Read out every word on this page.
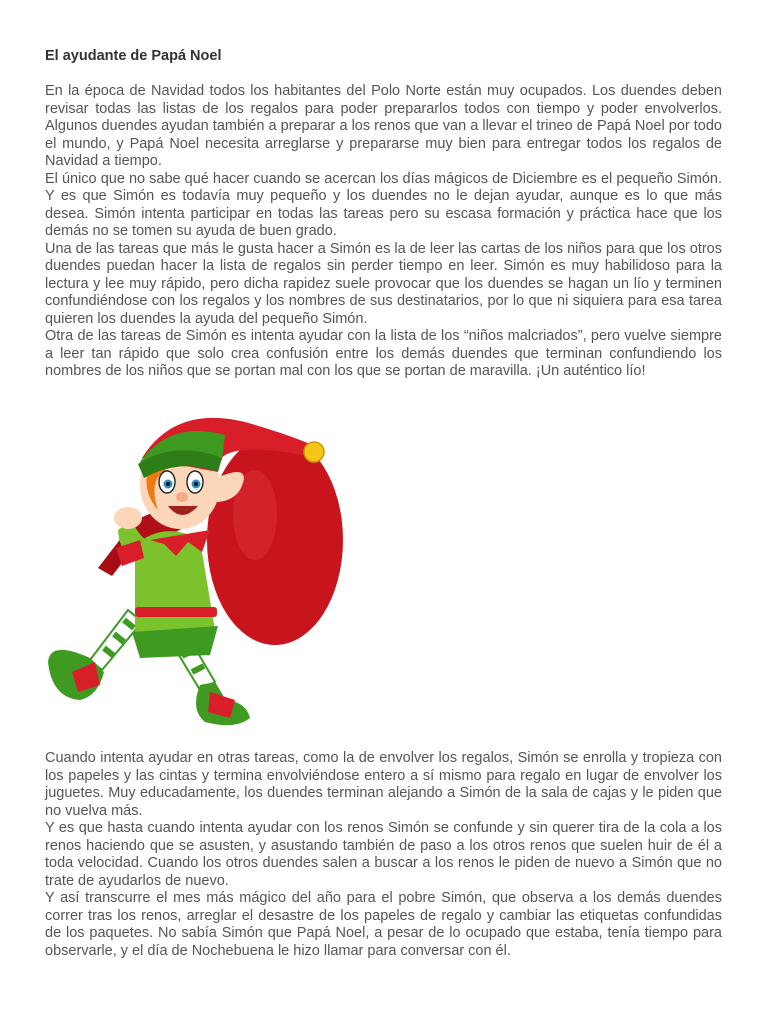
El ayudante de Papá Noel

En la época de Navidad todos los habitantes del Polo Norte están muy ocupados. Los duendes deben revisar todas las listas de los regalos para poder prepararlos todos con tiempo y poder envolverlos. Algunos duendes ayudan también a preparar a los renos que van a llevar el trineo de Papá Noel por todo el mundo, y Papá Noel necesita arreglarse y prepararse muy bien para entregar todos los regalos de Navidad a tiempo.

El único que no sabe qué hacer cuando se acercan los días mágicos de Diciembre es el pequeño Simón. Y es que Simón es todavía muy pequeño y los duendes no le dejan ayudar, aunque es lo que más desea. Simón intenta participar en todas las tareas pero su escasa formación y práctica hace que los demás no se tomen su ayuda de buen grado.

Una de las tareas que más le gusta hacer a Simón es la de leer las cartas de los niños para que los otros duendes puedan hacer la lista de regalos sin perder tiempo en leer. Simón es muy habilidoso para la lectura y lee muy rápido, pero dicha rapidez suele provocar que los duendes se hagan un lío y terminen confundiéndose con los regalos y los nombres de sus destinatarios, por lo que ni siquiera para esa tarea quieren los duendes la ayuda del pequeño Simón.

Otra de las tareas de Simón es intenta ayudar con la lista de los “niños malcriados”, pero vuelve siempre a leer tan rápido que solo crea confusión entre los demás duendes que terminan confundiendo los nombres de los niños que se portan mal con los que se portan de maravilla. ¡Un auténtico lío!

Cuando intenta ayudar en otras tareas, como la de envolver los regalos, Simón se enrolla y tropieza con los papeles y las cintas y termina envolviéndose entero a sí mismo para regalo en lugar de envolver los juguetes. Muy educadamente, los duendes terminan alejando a Simón de la sala de cajas y le piden que no vuelva más.

Y es que hasta cuando intenta ayudar con los renos Simón se confunde y sin querer tira de la cola a los renos haciendo que se asusten, y asustando también de paso a los otros renos que suelen huir de él a toda velocidad. Cuando los otros duendes salen a buscar a los renos le piden de nuevo a Simón que no trate de ayudarlos de nuevo.

Y así transcurre el mes más mágico del año para el pobre Simón, que observa a los demás duendes correr tras los renos, arreglar el desastre de los papeles de regalo y cambiar las etiquetas confundidas de los paquetes. No sabía Simón que Papá Noel, a pesar de lo ocupado que estaba, tenía tiempo para observarle, y el día de Nochebuena le hizo llamar para conversar con él.
